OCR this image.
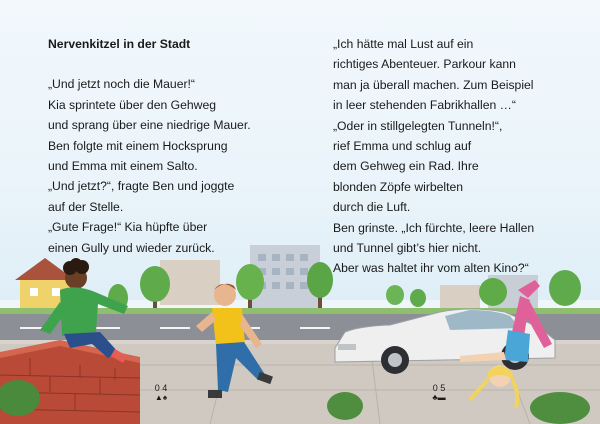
Nervenkitzel in der Stadt
„Und jetzt noch die Mauer!“
Kia sprintete über den Gehweg
und sprang über eine niedrige Mauer.
Ben folgte mit einem Hocksprung
und Emma mit einem Salto.
„Und jetzt?“, fragte Ben und joggte
auf der Stelle.
„Gute Frage!“ Kia hüpfte über
einen Gully und wieder zurück.
„Ich hätte mal Lust auf ein
richtiges Abenteuer. Parkour kann
man ja überall machen. Zum Beispiel
in leer stehenden Fabrikhallen …“
„Oder in stillgelegten Tunneln!“,
rief Emma und schlug auf
dem Gehweg ein Rad. Ihre
blonden Zöpfe wirbelten
durch die Luft.
Ben grinste. „Ich fürchte, leere Hallen
und Tunnel gibt’s hier nicht.
Aber was haltet ihr vom alten Kino?“
0 4
▲♠
0 5
♣▬
